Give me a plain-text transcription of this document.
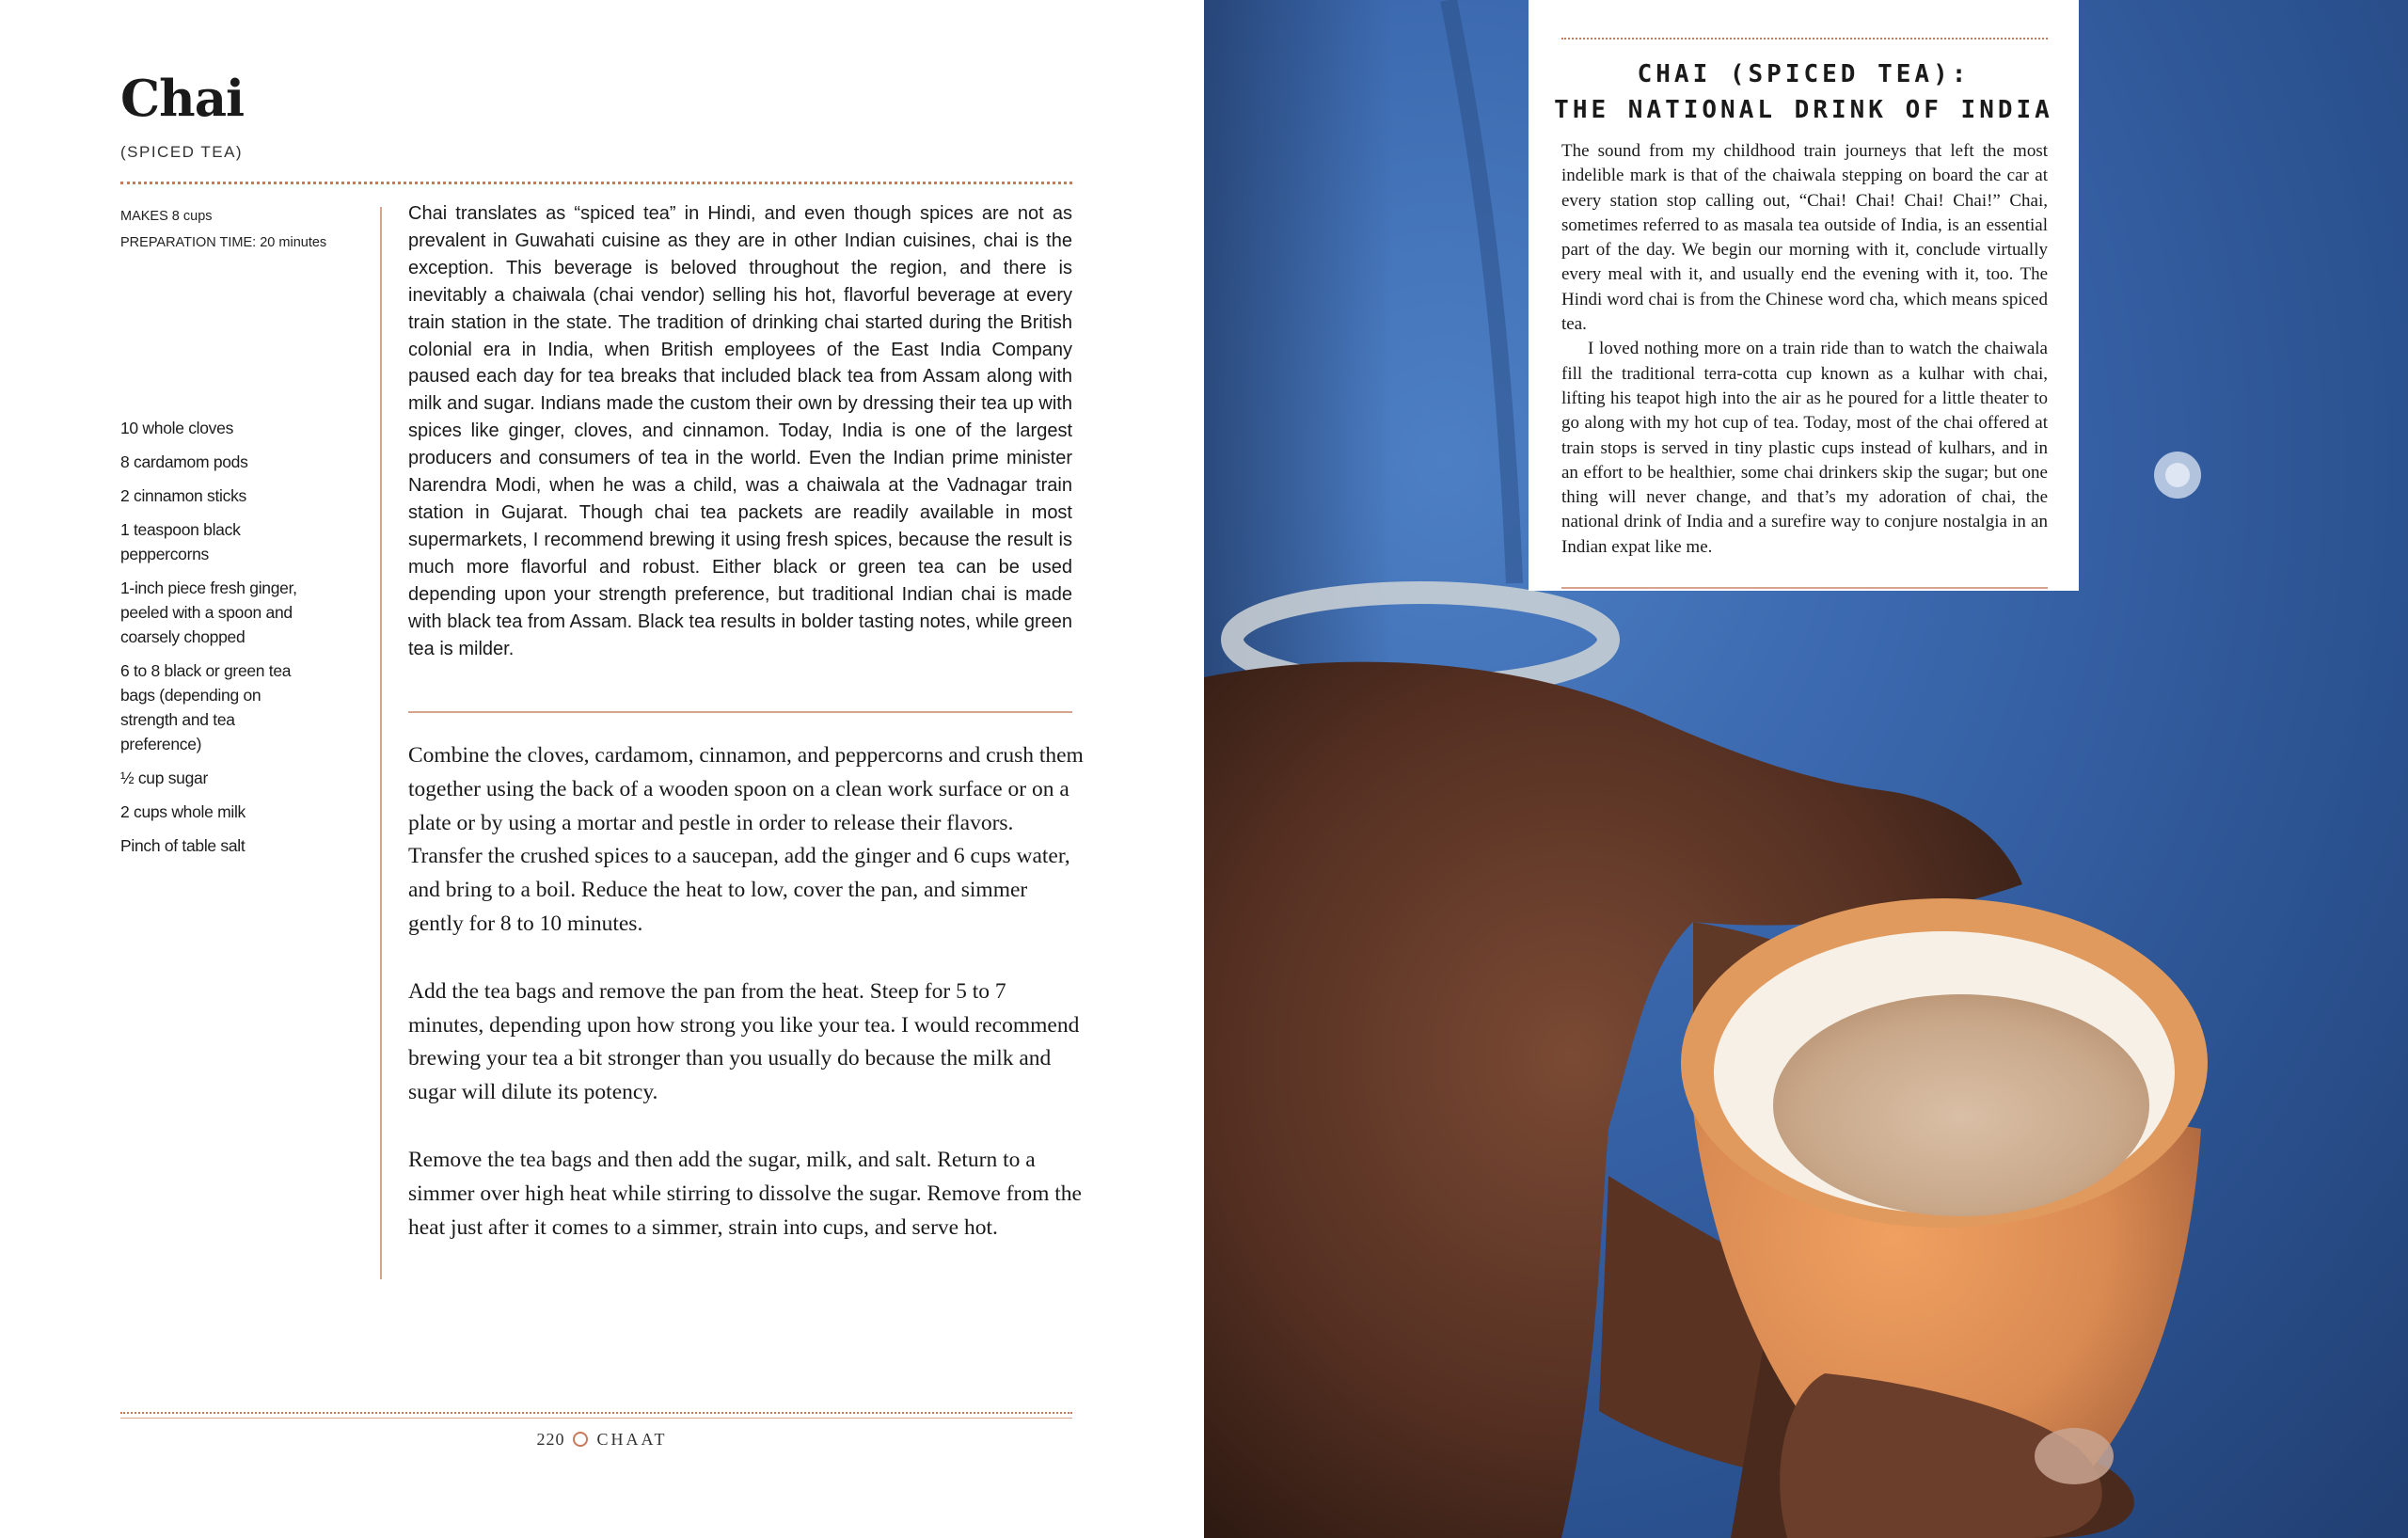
Chai
(SPICED TEA)
MAKES 8 cups
PREPARATION TIME: 20 minutes
10 whole cloves
8 cardamom pods
2 cinnamon sticks
1 teaspoon black peppercorns
1-inch piece fresh ginger, peeled with a spoon and coarsely chopped
6 to 8 black or green tea bags (depending on strength and tea preference)
½ cup sugar
2 cups whole milk
Pinch of table salt

Chai translates as “spiced tea” in Hindi, and even though spices are not as prevalent in Guwahati cuisine as they are in other Indian cuisines, chai is the exception. This beverage is beloved throughout the region, and there is inevitably a chaiwala (chai vendor) selling his hot, flavorful beverage at every train station in the state. The tradition of drinking chai started during the British colonial era in India, when British employees of the East India Company paused each day for tea breaks that included black tea from Assam along with milk and sugar. Indians made the custom their own by dressing their tea up with spices like ginger, cloves, and cinnamon. Today, India is one of the largest producers and consumers of tea in the world. Even the Indian prime minister Narendra Modi, when he was a child, was a chaiwala at the Vadnagar train station in Gujarat. Though chai tea packets are readily available in most supermarkets, I recommend brewing it using fresh spices, because the result is much more flavorful and robust. Either black or green tea can be used depending upon your strength preference, but traditional Indian chai is made with black tea from Assam. Black tea results in bolder tasting notes, while green tea is milder.

Combine the cloves, cardamom, cinnamon, and peppercorns and crush them together using the back of a wooden spoon on a clean work surface or on a plate or by using a mortar and pestle in order to release their flavors. Transfer the crushed spices to a saucepan, add the ginger and 6 cups water, and bring to a boil. Reduce the heat to low, cover the pan, and simmer gently for 8 to 10 minutes.

Add the tea bags and remove the pan from the heat. Steep for 5 to 7 minutes, depending upon how strong you like your tea. I would recommend brewing your tea a bit stronger than you usually do because the milk and sugar will dilute its potency.

Remove the tea bags and then add the sugar, milk, and salt. Return to a simmer over high heat while stirring to dissolve the sugar. Remove from the heat just after it comes to a simmer, strain into cups, and serve hot.

220 CHAAT
CHAI (SPICED TEA):
THE NATIONAL DRINK OF INDIA

The sound from my childhood train journeys that left the most indelible mark is that of the chaiwala stepping on board the car at every station stop calling out, “Chai! Chai! Chai! Chai!” Chai, sometimes referred to as masala tea outside of India, is an essential part of the day. We begin our morning with it, conclude virtually every meal with it, and usually end the evening with it, too. The Hindi word chai is from the Chinese word cha, which means spiced tea.

I loved nothing more on a train ride than to watch the chaiwala fill the traditional terra-cotta cup known as a kulhar with chai, lifting his teapot high into the air as he poured for a little theater to go along with my hot cup of tea. Today, most of the chai offered at train stops is served in tiny plastic cups instead of kulhars, and in an effort to be healthier, some chai drinkers skip the sugar; but one thing will never change, and that’s my adoration of chai, the national drink of India and a surefire way to conjure nostalgia in an Indian expat like me.
